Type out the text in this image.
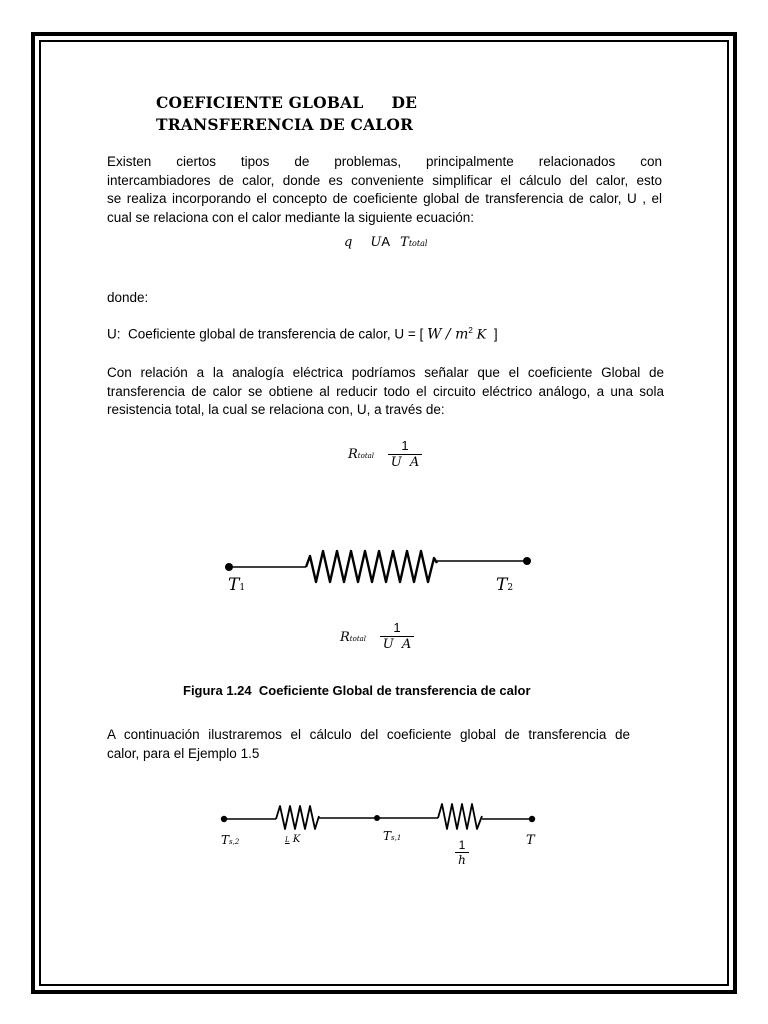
COEFICIENTE GLOBAL     DE
TRANSFERENCIA DE CALOR
Existen ciertos tipos de problemas, principalmente relacionados con
intercambiadores de calor, donde es conveniente simplificar el cálculo del calor, esto
se realiza incorporando el concepto de coeficiente global de transferencia de calor, U , el
cual se relaciona con el calor mediante la siguiente ecuación:
q UA Ttotal
donde:
U:  Coeficiente global de transferencia de calor, U = [ W / $m^2$ K ]
Con relación a la analogía eléctrica podríamos señalar que el coeficiente Global de
transferencia de calor se obtiene al reducir todo el circuito eléctrico análogo, a una sola
resistencia total, la cual se relaciona con, U, a través de:
Rtotal $\frac{1}{\text{U  A}}$
T1	T2
Rtotal $\frac{1}{\text{U  A}}$
Figura 1.24  Coeficiente Global de transferencia de calor
A continuación ilustraremos el cálculo del coeficiente global de transferencia de
calor, para el Ejemplo 1.5
Ts,2	L K	Ts,1	$\frac{1}{h}$	T
